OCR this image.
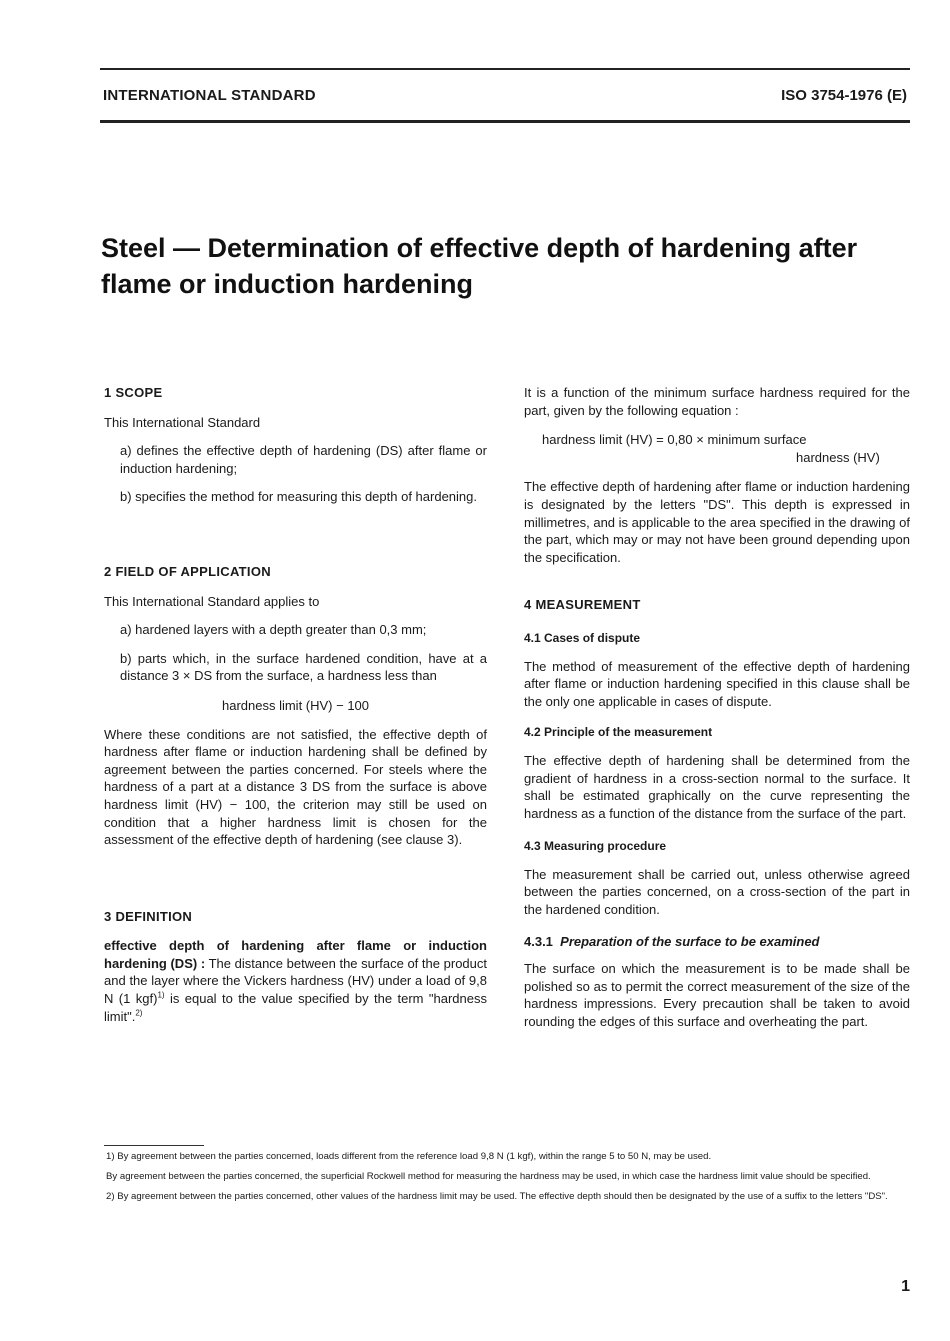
INTERNATIONAL STANDARD	ISO 3754-1976 (E)
Steel — Determination of effective depth of hardening after
flame or induction hardening
1 SCOPE

This International Standard

a) defines the effective depth of hardening (DS) after flame or induction hardening;

b) specifies the method for measuring this depth of hardening.

2 FIELD OF APPLICATION

This International Standard applies to

a) hardened layers with a depth greater than 0,3 mm;

b) parts which, in the surface hardened condition, have at a distance 3 × DS from the surface, a hardness less than

hardness limit (HV) − 100

Where these conditions are not satisfied, the effective depth of hardness after flame or induction hardening shall be defined by agreement between the parties concerned. For steels where the hardness of a part at a distance 3 DS from the surface is above hardness limit (HV) − 100, the criterion may still be used on condition that a higher hardness limit is chosen for the assessment of the effective depth of hardening (see clause 3).

3 DEFINITION

effective depth of hardening after flame or induction hardening (DS) : The distance between the surface of the product and the layer where the Vickers hardness (HV) under a load of 9,8 N (1 kgf)$^{1)}$ is equal to the value specified by the term "hardness limit".$^{2)}$

It is a function of the minimum surface hardness required for the part, given by the following equation :

hardness limit (HV) = 0,80 × minimum surface
hardness (HV)

The effective depth of hardening after flame or induction hardening is designated by the letters "DS". This depth is expressed in millimetres, and is applicable to the area specified in the drawing of the part, which may or may not have been ground depending upon the specification.

4 MEASUREMENT
4.1 Cases of dispute

The method of measurement of the effective depth of hardening after flame or induction hardening specified in this clause shall be the only one applicable in cases of dispute.

4.2 Principle of the measurement

The effective depth of hardening shall be determined from the gradient of hardness in a cross-section normal to the surface. It shall be estimated graphically on the curve representing the hardness as a function of the distance from the surface of the part.

4.3 Measuring procedure

The measurement shall be carried out, unless otherwise agreed between the parties concerned, on a cross-section of the part in the hardened condition.

4.3.1 Preparation of the surface to be examined

The surface on which the measurement is to be made shall be polished so as to permit the correct measurement of the size of the hardness impressions. Every precaution shall be taken to avoid rounding the edges of this surface and overheating the part.

1) By agreement between the parties concerned, loads different from the reference load 9,8 N (1 kgf), within the range 5 to 50 N, may be used.

By agreement between the parties concerned, the superficial Rockwell method for measuring the hardness may be used, in which case the hardness limit value should be specified.

2) By agreement between the parties concerned, other values of the hardness limit may be used. The effective depth should then be designated by the use of a suffix to the letters "DS".

1
